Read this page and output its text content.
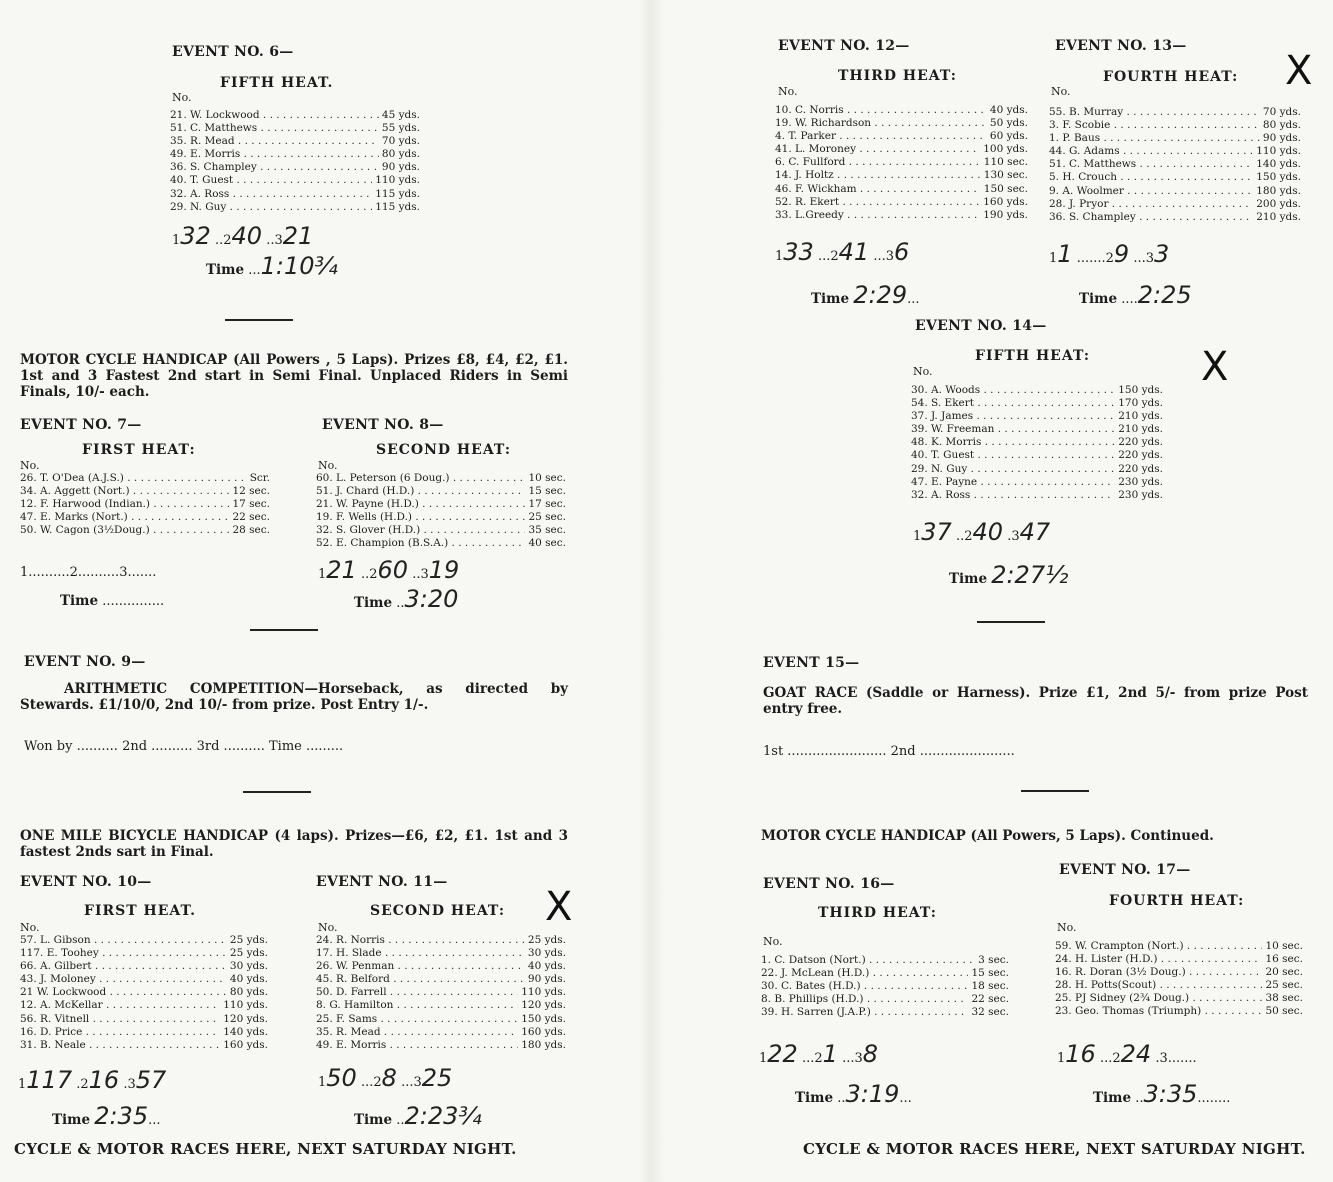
EVENT NO. 6—
FIFTH HEAT.
No.
21. W. Lockwood . . .	45 yds.
51. C. Matthews . . .	55 yds.
35. R. Mead . . .	70 yds.
49. E. Morris . . .	80 yds.
36. S. Champley . . .	90 yds.
40. T. Guest . . .	110 yds.
32. A. Ross . . .	115 yds.
29. N. Guy . . .	115 yds.
132 ..240 ..321
Time ...1:10¾
MOTOR CYCLE HANDICAP (All Powers , 5 Laps). Prizes £8, £4, £2, £1. 1st and 3 Fastest 2nd start in Semi Final. Unplaced Riders in Semi Finals, 10/- each.
EVENT NO. 7—
FIRST HEAT:
No.
26. T. O'Dea (A.J.S.) . . .	Scr.
34. A. Aggett (Nort.) . . .	12 sec.
12. F. Harwood (Indian.) . . .	17 sec.
47. E. Marks (Nort.) . . .	22 sec.
50. W. Cagon (3½Doug.) . . .	28 sec.
1..........2..........3.......
Time ...............
EVENT NO. 8—
SECOND HEAT:
No.
60. L. Peterson (6 Doug.) . . .	10 sec.
51. J. Chard (H.D.) . . .	15 sec.
21. W. Payne (H.D.) . . .	17 sec.
19. F. Wells (H.D.) . . .	25 sec.
32. S. Glover (H.D.) . . .	35 sec.
52. E. Champion (B.S.A.) . . .	40 sec.
121 ..260 ..319
Time ..3:20
EVENT NO. 9—
ARITHMETIC COMPETITION—Horseback, as directed by Stewards. £1/10/0, 2nd 10/- from prize. Post Entry 1/-.
Won by .......... 2nd .......... 3rd .......... Time .........
ONE MILE BICYCLE HANDICAP (4 laps). Prizes—£6, £2, £1. 1st and 3 fastest 2nds sart in Final.
EVENT NO. 10—
FIRST HEAT.
No.
57. L. Gibson . . .	25 yds.
117. E. Toohey . . .	25 yds.
66. A. Gilbert . . .	30 yds.
43. J. Moloney . . .	40 yds.
21 W. Lockwood . . .	80 yds.
12. A. McKellar . . .	110 yds.
56. R. Vitnell . . .	120 yds.
16. D. Price . . .	140 yds.
31. B. Neale . . .	160 yds.
1117 .216 .357
Time 2:35...
EVENT NO. 11—
SECOND HEAT: X
No.
24. R. Norris . . .	25 yds.
17. H. Slade . . .	30 yds.
26. W. Penman . . .	40 yds.
45. R. Belford . . .	90 yds.
50. D. Farrell . . .	110 yds.
8. G. Hamilton . . .	120 yds.
25. F. Sams . . .	150 yds.
35. R. Mead . . .	160 yds.
49. E. Morris . . .	180 yds.
150 ...28 ...325
Time ..2:23¾
CYCLE & MOTOR RACES HERE, NEXT SATURDAY NIGHT.
EVENT NO. 12—
THIRD HEAT:
No.
10. C. Norris . . .	40 yds.
19. W. Richardson . . .	50 yds.
4. T. Parker . . .	60 yds.
41. L. Moroney . . .	100 yds.
6. C. Fullford . . .	110 sec.
14. J. Holtz . . .	130 sec.
46. F. Wickham . . .	150 sec.
52. R. Ekert . . .	160 yds.
33. L.Greedy . . .	190 yds.
133 ...241 ...36
Time 2:29...
EVENT NO. 13—
FOURTH HEAT: X
No.
55. B. Murray . . .	70 yds.
3. F. Scobie . . .	80 yds.
1. P. Baus . . .	90 yds.
44. G. Adams . . .	110 yds.
51. C. Matthews . . .	140 yds.
5. H. Crouch . . .	150 yds.
9. A. Woolmer . . .	180 yds.
28. J. Pryor . . .	200 yds.
36. S. Champley . . .	210 yds.
11 .......29 ...33
Time ....2:25
EVENT NO. 14—
FIFTH HEAT:	X
No.
30. A. Woods . . .	150 yds.
54. S. Ekert . . .	170 yds.
37. J. James . . .	210 yds.
39. W. Freeman . . .	210 yds.
48. K. Morris . . .	220 yds.
40. T. Guest . . .	220 yds.
29. N. Guy . . .	220 yds.
47. E. Payne . . .	230 yds.
32. A. Ross . . .	230 yds.
137 ..240 .347
Time 2:27½
EVENT 15—
GOAT RACE (Saddle or Harness). Prize £1, 2nd 5/- from prize Post entry free.
1st ........................ 2nd .......................
MOTOR CYCLE HANDICAP (All Powers, 5 Laps). Continued.
EVENT NO. 16—
THIRD HEAT:
No.
1. C. Datson (Nort.) . . .	3 sec.
22. J. McLean (H.D.) . . .	15 sec.
30. C. Bates (H.D.) . . .	18 sec.
8. B. Phillips (H.D.) . . .	22 sec.
39. H. Sarren (J.A.P.) . . .	32 sec.
122 ...21 ...38
Time ..3:19...
EVENT NO. 17—
FOURTH HEAT:
No.
59. W. Crampton (Nort.) . . .	10 sec.
24. H. Lister (H.D.) . . .	16 sec.
16. R. Doran (3½ Doug.) . . .	20 sec.
28. H. Potts(Scout) . . .	25 sec.
25. PJ Sidney (2¾ Doug.) . . .	38 sec.
23. Geo. Thomas (Triumph) . . .	50 sec.
116 ...224 .3.......
Time ..3:35........
CYCLE & MOTOR RACES HERE, NEXT SATURDAY NIGHT.
